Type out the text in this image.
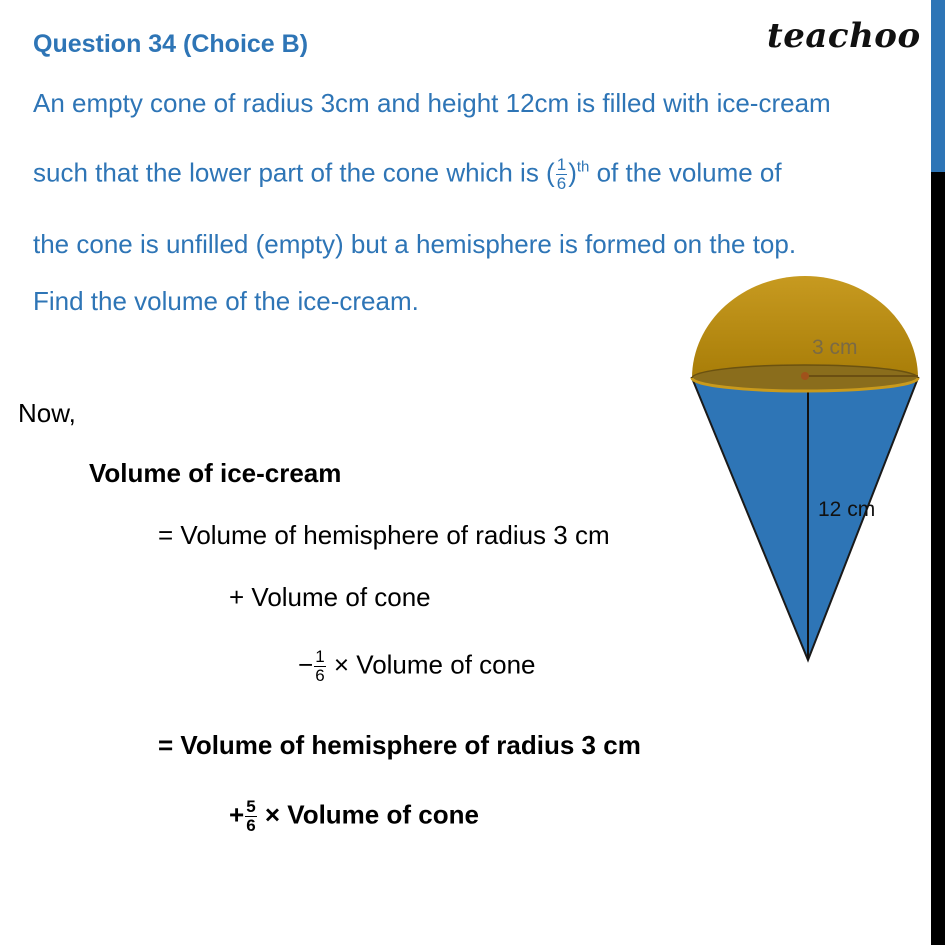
Question 34 (Choice B)	teachoo
An empty cone of radius 3cm and height 12cm is filled with ice-cream
such that the lower part of the cone which is ( $\frac{1}{6} )^{th}$ of the volume of
the cone is unfilled (empty) but a hemisphere is formed on the top.
Find the volume of the ice-cream.
Now,
Volume of ice-cream
= Volume of hemisphere of radius 3 cm
+ Volume of cone
− $\frac{1}{6}$ × Volume of cone
= Volume of hemisphere of radius 3 cm
+ $\frac{5}{6}$ × Volume of cone
3 cm
12 cm
